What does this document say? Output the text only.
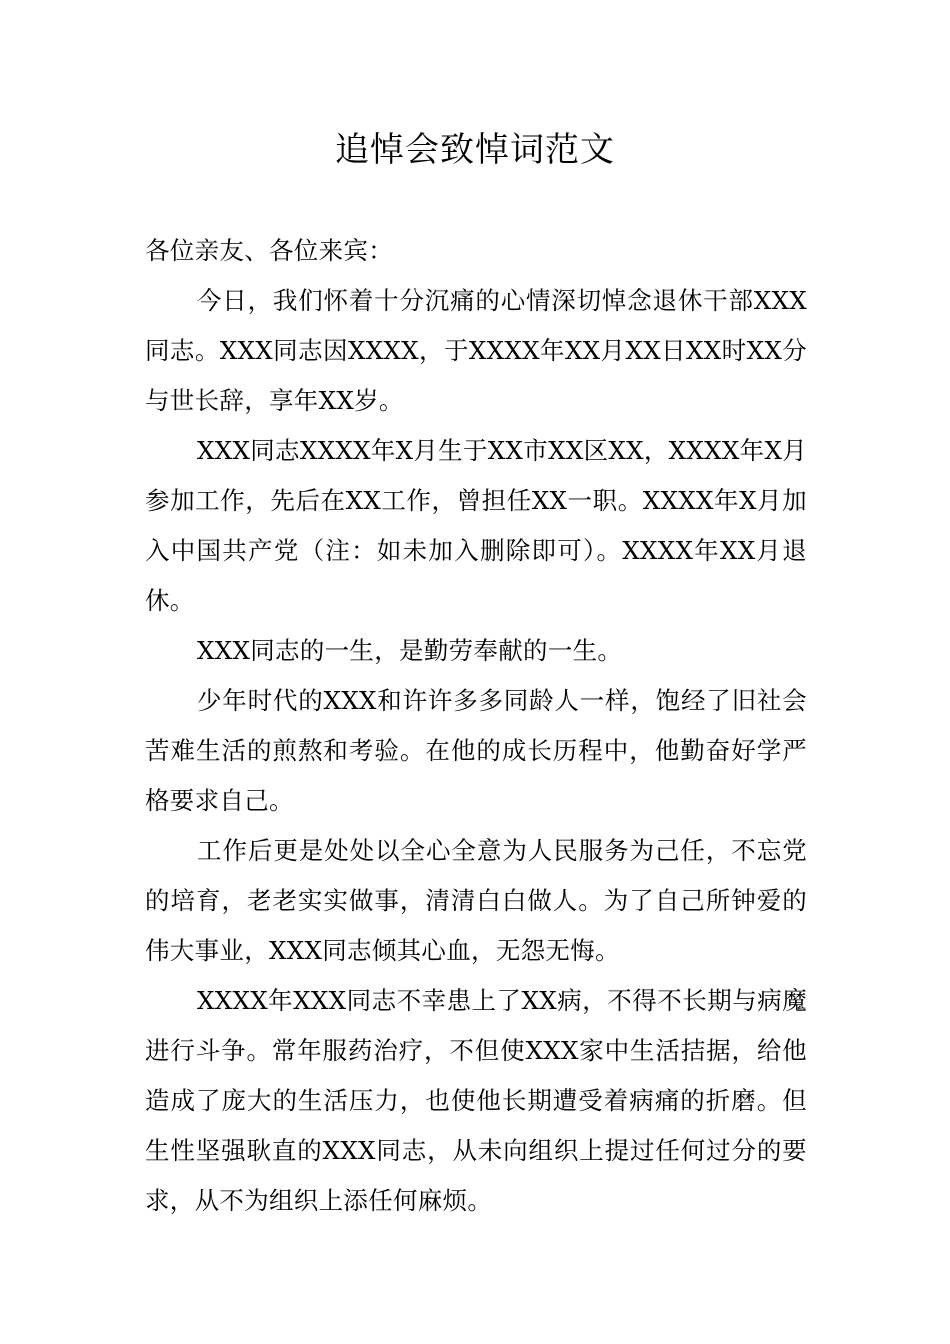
追悼会致悼词范文

各位亲友、各位来宾：

今日，我们怀着十分沉痛的心情深切悼念退休干部XXX同志。XXX同志因XXXX，于XXXX年XX月XX日XX时XX分与世长辞，享年XX岁。

XXX同志XXXX年X月生于XX市XX区XX，XXXX年X月参加工作，先后在XX工作，曾担任XX一职。XXXX年X月加入中国共产党（注：如未加入删除即可）。XXXX年XX月退休。

XXX同志的一生，是勤劳奉献的一生。

少年时代的XXX和许许多多同龄人一样，饱经了旧社会苦难生活的煎熬和考验。在他的成长历程中，他勤奋好学严格要求自己。

工作后更是处处以全心全意为人民服务为己任，不忘党的培育，老老实实做事，清清白白做人。为了自己所钟爱的伟大事业，XXX同志倾其心血，无怨无悔。

XXXX年XXX同志不幸患上了XX病，不得不长期与病魔进行斗争。常年服药治疗，不但使XXX家中生活拮据，给他造成了庞大的生活压力，也使他长期遭受着病痛的折磨。但生性坚强耿直的XXX同志，从未向组织上提过任何过分的要求，从不为组织上添任何麻烦。
